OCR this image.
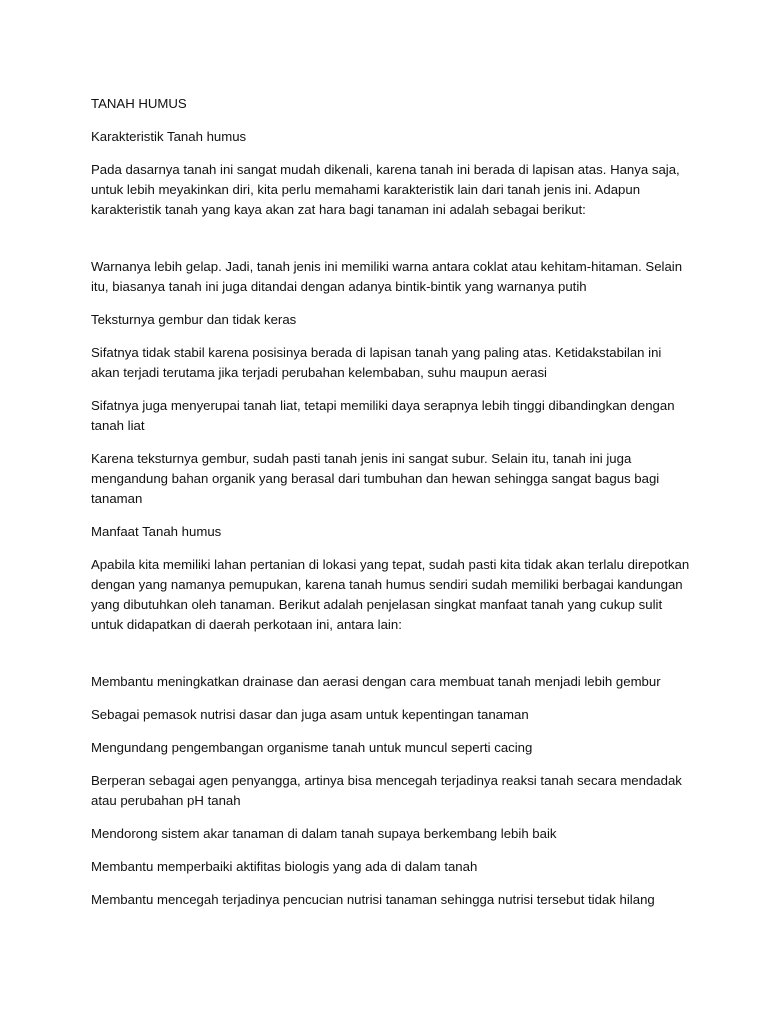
TANAH HUMUS

Karakteristik Tanah humus

Pada dasarnya tanah ini sangat mudah dikenali, karena tanah ini berada di lapisan atas. Hanya saja, untuk lebih meyakinkan diri, kita perlu memahami karakteristik lain dari tanah jenis ini. Adapun karakteristik tanah yang kaya akan zat hara bagi tanaman ini adalah sebagai berikut:

Warnanya lebih gelap. Jadi, tanah jenis ini memiliki warna antara coklat atau kehitam-hitaman. Selain itu, biasanya tanah ini juga ditandai dengan adanya bintik-bintik yang warnanya putih

Teksturnya gembur dan tidak keras

Sifatnya tidak stabil karena posisinya berada di lapisan tanah yang paling atas. Ketidakstabilan ini akan terjadi terutama jika terjadi perubahan kelembaban, suhu maupun aerasi

Sifatnya juga menyerupai tanah liat, tetapi memiliki daya serapnya lebih tinggi dibandingkan dengan tanah liat

Karena teksturnya gembur, sudah pasti tanah jenis ini sangat subur. Selain itu, tanah ini juga mengandung bahan organik yang berasal dari tumbuhan dan hewan sehingga sangat bagus bagi tanaman

Manfaat Tanah humus

Apabila kita memiliki lahan pertanian di lokasi yang tepat, sudah pasti kita tidak akan terlalu direpotkan dengan yang namanya pemupukan, karena tanah humus sendiri sudah memiliki berbagai kandungan yang dibutuhkan oleh tanaman. Berikut adalah penjelasan singkat manfaat tanah yang cukup sulit untuk didapatkan di daerah perkotaan ini, antara lain:

Membantu meningkatkan drainase dan aerasi dengan cara membuat tanah menjadi lebih gembur

Sebagai pemasok nutrisi dasar dan juga asam untuk kepentingan tanaman

Mengundang pengembangan organisme tanah untuk muncul seperti cacing

Berperan sebagai agen penyangga, artinya bisa mencegah terjadinya reaksi tanah secara mendadak atau perubahan pH tanah

Mendorong sistem akar tanaman di dalam tanah supaya berkembang lebih baik

Membantu memperbaiki aktifitas biologis yang ada di dalam tanah

Membantu mencegah terjadinya pencucian nutrisi tanaman sehingga nutrisi tersebut tidak hilang
